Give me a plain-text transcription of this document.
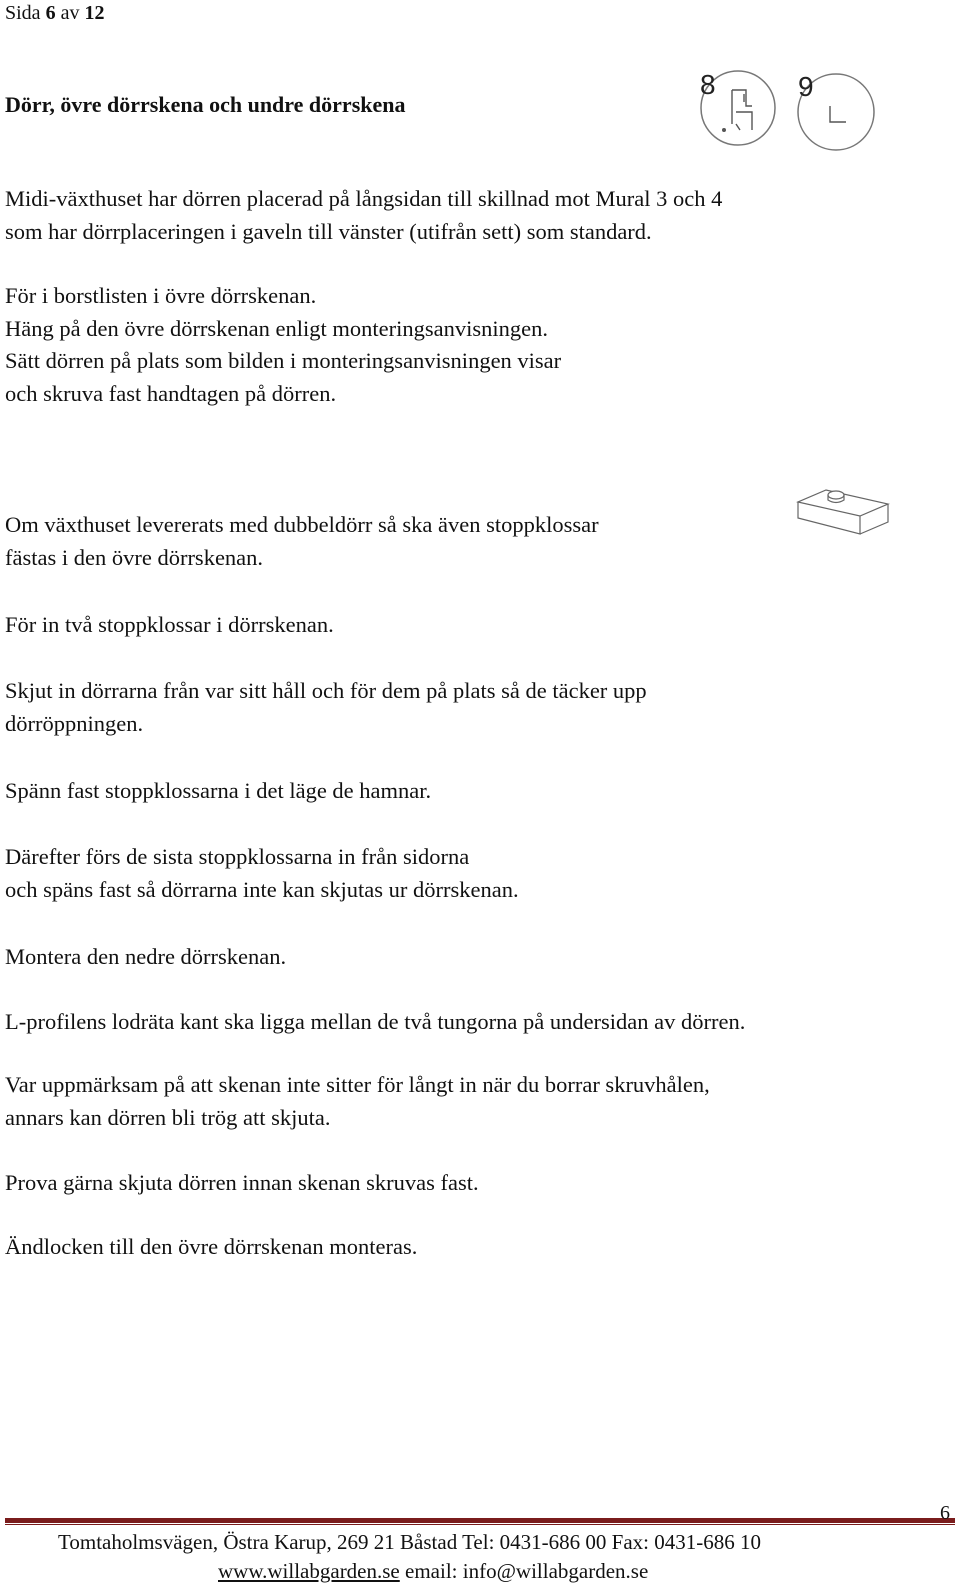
Sida 6 av 12
Dörr, övre dörrskena och undre dörrskena
8	9
Midi-växthuset har dörren placerad på långsidan till skillnad mot Mural 3 och 4
som har dörrplaceringen i gaveln till vänster (utifrån sett) som standard.
För i borstlisten i övre dörrskenan.
Häng på den övre dörrskenan enligt monteringsanvisningen.
Sätt dörren på plats som bilden i monteringsanvisningen visar
och skruva fast handtagen på dörren.
Om växthuset levererats med dubbeldörr så ska även stoppklossar
fästas i den övre dörrskenan.
För in två stoppklossar i dörrskenan.
Skjut in dörrarna från var sitt håll och för dem på plats så de täcker upp
dörröppningen.
Spänn fast stoppklossarna i det läge de hamnar.
Därefter förs de sista stoppklossarna in från sidorna
och späns fast så dörrarna inte kan skjutas ur dörrskenan.
Montera den nedre dörrskenan.
L-profilens lodräta kant ska ligga mellan de två tungorna på undersidan av dörren.
Var uppmärksam på att skenan inte sitter för långt in när du borrar skruvhålen,
annars kan dörren bli trög att skjuta.
Prova gärna skjuta dörren innan skenan skruvas fast.
Ändlocken till den övre dörrskenan monteras.
6
Tomtaholmsvägen, Östra Karup, 269 21 Båstad Tel: 0431-686 00 Fax: 0431-686 10
www.willabgarden.se email: info@willabgarden.se
